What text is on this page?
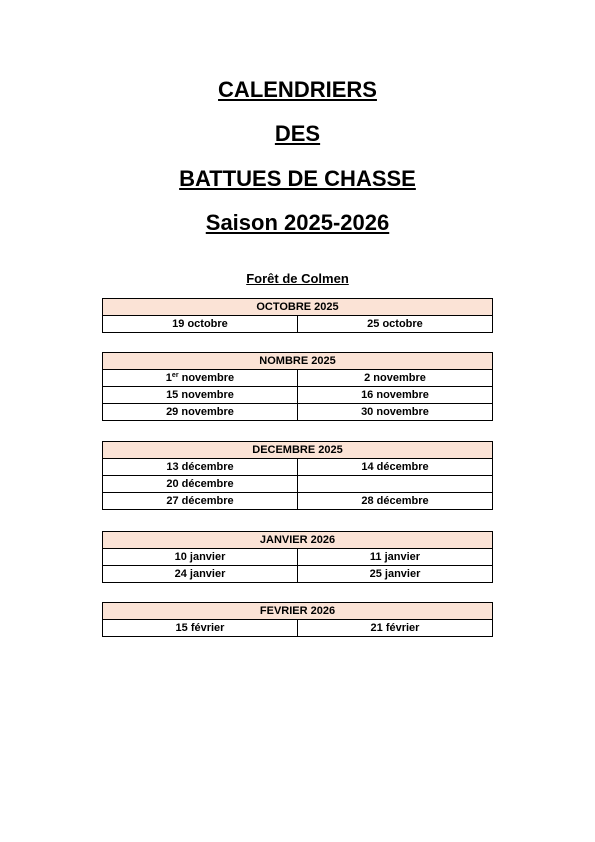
CALENDRIERS
DES
BATTUES DE CHASSE
Saison 2025-2026
Forêt de Colmen
OCTOBRE 2025
19 octobre	25 octobre
NOMBRE 2025	
1er novembre	2 novembre
15 novembre	16 novembre
29 novembre	30 novembre
DECEMBRE 2025	
13 décembre	14 décembre
20 décembre	
27 décembre	28 décembre
JANVIER 2026	
10 janvier	11 janvier
24 janvier	25 janvier
FEVRIER 2026
15 février	21 février
